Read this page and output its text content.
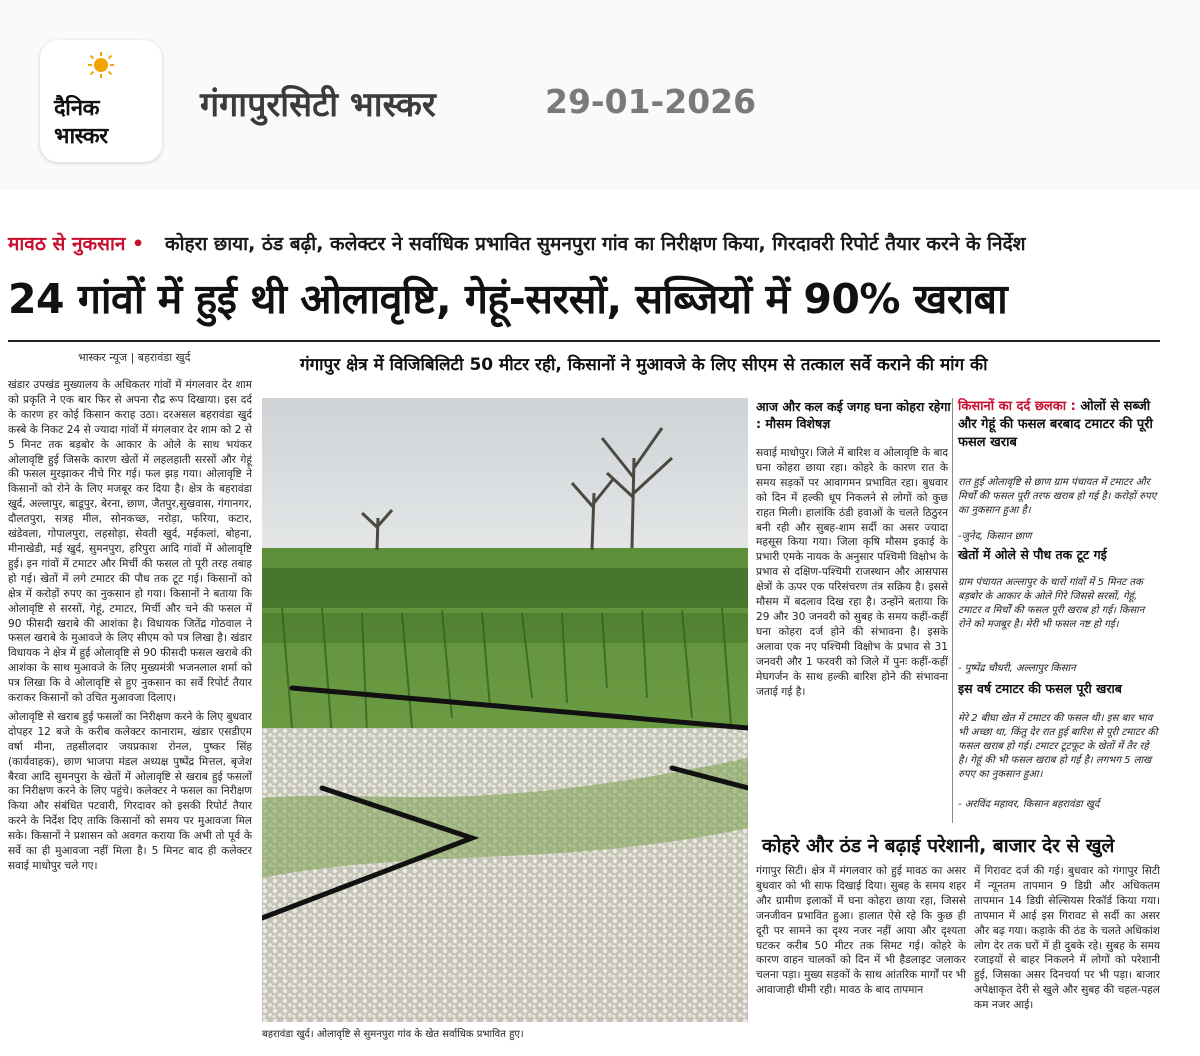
दैनिक
भास्कर
गंगापुरसिटी भास्कर	29-01-2026
मावठ से नुकसान • कोहरा छाया, ठंड बढ़ी, कलेक्टर ने सर्वाधिक प्रभावित सुमनपुरा गांव का निरीक्षण किया, गिरदावरी रिपोर्ट तैयार करने के निर्देश
24 गांवों में हुई थी ओलावृष्टि, गेहूं-सरसों, सब्जियों में 90% खराबा
भास्कर न्यूज | बहरावंडा खुर्द	गंगापुर क्षेत्र में विजिबिलिटी 50 मीटर रही, किसानों ने मुआवजे के लिए सीएम से तत्काल सर्वे कराने की मांग की

खंडार उपखंड मुख्यालय के अधिकतर गांवों में मंगलवार देर शाम को प्रकृति ने एक बार फिर से अपना रौद्र रूप दिखाया। इस दर्द के कारण हर कोई किसान कराह उठा। दरअसल बहरावंडा खुर्द कस्बे के निकट 24 से ज्यादा गांवों में मंगलवार देर शाम को 2 से 5 मिनट तक बड़बोर के आकार के ओले के साथ भयंकर ओलावृष्टि हुई जिसके कारण खेतों में लहलहाती सरसों और गेहूं की फसल मुरझाकर नीचे गिर गई। फल झड़ गया। ओलावृष्टि ने किसानों को रोने के लिए मजबूर कर दिया है। क्षेत्र के बहरावंडा खुर्द, अल्लापुर, बाडूपुर, बेरना, छाण, जैतपुर,सुखवास, गंगानगर, दौलतपुरा, सत्रह मील, सोनकच्छ, नरोड़ा, फरिया, कटार, खंडेवला, गोपालपुरा, लहसोड़ा, सेवती खुर्द, मईकलां, बोहना, मीनाखेडी, मई खुर्द, सुमनपुरा, हरिपुरा आदि गांवों में ओलावृष्टि हुई। इन गांवों में टमाटर और मिर्ची की फसल तो पूरी तरह तबाह हो गई। खेतों में लगे टमाटर की पौध तक टूट गई। किसानों को क्षेत्र में करोड़ों रुपए का नुकसान हो गया। किसानों ने बताया कि ओलावृष्टि से सरसों, गेहूं, टमाटर, मिर्ची और चने की फसल में 90 फीसदी खराबे की आशंका है। विधायक जितेंद्र गोठवाल ने फसल खराबे के मुआवजे के लिए सीएम को पत्र लिखा है। खंडार विधायक ने क्षेत्र में हुई ओलावृष्टि से 90 फीसदी फसल खराबे की आशंका के साथ मुआवजे के लिए मुख्यमंत्री भजनलाल शर्मा को पत्र लिखा कि वे ओलावृष्टि से हुए नुकसान का सर्वे रिपोर्ट तैयार कराकर किसानों को उचित मुआवजा दिलाए।

ओलावृष्टि से खराब हुई फसलों का निरीक्षण करने के लिए बुधवार दोपहर 12 बजे के करीब कलेक्टर कानाराम, खंडार एसडीएम वर्षा मीना, तहसीलदार जयप्रकाश रोनल, पुष्कर सिंह (कार्यवाहक), छाण भाजपा मंडल अध्यक्ष पुष्पेंद्र मित्तल, बृजेश बैरवा आदि सुमनपुरा के खेतों में ओलावृष्टि से खराब हुई फसलों का निरीक्षण करने के लिए पहुंचे। कलेक्टर ने फसल का निरीक्षण किया और संबंधित पटवारी, गिरदावर को इसकी रिपोर्ट तैयार करने के निर्देश दिए ताकि किसानों को समय पर मुआवजा मिल सके। किसानों ने प्रशासन को अवगत कराया कि अभी तो पूर्व के सर्वे का ही मुआवजा नहीं मिला है। 5 मिनट बाद ही कलेक्टर सवाई माधोपुर चले गए।

बहरावंडा खुर्द। ओलावृष्टि से सुमनपुरा गांव के खेत सर्वाधिक प्रभावित हुए।
आज और कल कई जगह घना कोहरा रहेगा : मौसम विशेषज्ञ

सवाई माधोपुर। जिले में बारिश व ओलावृष्टि के बाद घना कोहरा छाया रहा। कोहरे के कारण रात के समय सड़कों पर आवागमन प्रभावित रहा। बुधवार को दिन में हल्की धूप निकलने से लोगों को कुछ राहत मिली। हालांकि ठंडी हवाओं के चलते ठिठुरन बनी रही और सुबह-शाम सर्दी का असर ज्यादा महसूस किया गया। जिला कृषि मौसम इकाई के प्रभारी एमके नायक के अनुसार पश्चिमी विक्षोभ के प्रभाव से दक्षिण-पश्चिमी राजस्थान और आसपास क्षेत्रों के ऊपर एक परिसंचरण तंत्र सक्रिय है। इससे मौसम में बदलाव दिख रहा है। उन्होंने बताया कि 29 और 30 जनवरी को सुबह के समय कहीं-कहीं घना कोहरा दर्ज होने की संभावना है। इसके अलावा एक नए पश्चिमी विक्षोभ के प्रभाव से 31 जनवरी और 1 फरवरी को जिले में पुनः कहीं-कहीं मेघगर्जन के साथ हल्की बारिश होने की संभावना जताई गई है।

किसानों का दर्द छलका : ओलों से सब्जी और गेहूं की फसल बरबाद टमाटर की पूरी फसल खराब
रात हुई ओलावृष्टि से छाण ग्राम पंचायत में टमाटर और मिर्चों की फसल पूरी तरफ खराब हो गई है। करोड़ों रुपए का नुकसान हुआ है।
-जुनेद, किसान छाण
खेतों में ओले से पौध तक टूट गई
ग्राम पंचायत अल्लापुर के चारों गांवों में 5 मिनट तक बड़बोर के आकार के ओले गिरे जिससे सरसों, गेहूं, टमाटर व मिर्चों की फसल पूरी खराब हो गई। किसान रोने को मजबूर है। मेरी भी फसल नष्ट हो गई।
- पुष्पेंद्र चौधरी, अल्लापुर किसान
इस वर्ष टमाटर की फसल पूरी खराब
मेरे 2 बीघा खेत में टमाटर की फसल थी। इस बार भाव भी अच्छा था, किंतु देर रात हुई बारिश से पूरी टमाटर की फसल खराब हो गई। टमाटर टूटफूट के खेतों में तैर रहे है। गेहूं की भी फसल खराब हो गई है। लगभग 5 लाख रुपए का नुकसान हुआ।
- अरविंद महावर, किसान बहरावंडा खुर्द
कोहरे और ठंड ने बढ़ाई परेशानी, बाजार देर से खुले

गंगापुर सिटी। क्षेत्र में मंगलवार को हुई मावठ का असर बुधवार को भी साफ दिखाई दिया। सुबह के समय शहर और ग्रामीण इलाकों में घना कोहरा छाया रहा, जिससे जनजीवन प्रभावित हुआ। हालात ऐसे रहे कि कुछ ही दूरी पर सामने का दृश्य नजर नहीं आया और दृश्यता घटकर करीब 50 मीटर तक सिमट गई। कोहरे के कारण वाहन चालकों को दिन में भी हैडलाइट जलाकर चलना पड़ा। मुख्य सड़कों के साथ आंतरिक मार्गों पर भी आवाजाही धीमी रही। मावठ के बाद तापमान

में गिरावट दर्ज की गई। बुधवार को गंगापुर सिटी में न्यूनतम तापमान 9 डिग्री और अधिकतम तापमान 14 डिग्री सेल्सियस रिकॉर्ड किया गया। तापमान में आई इस गिरावट से सर्दी का असर और बढ़ गया। कड़ाके की ठंड के चलते अधिकांश लोग देर तक घरों में ही दुबके रहे। सुबह के समय रजाइयों से बाहर निकलने में लोगों को परेशानी हुई, जिसका असर दिनचर्या पर भी पड़ा। बाजार अपेक्षाकृत देरी से खुले और सुबह की चहल-पहल कम नजर आई।
